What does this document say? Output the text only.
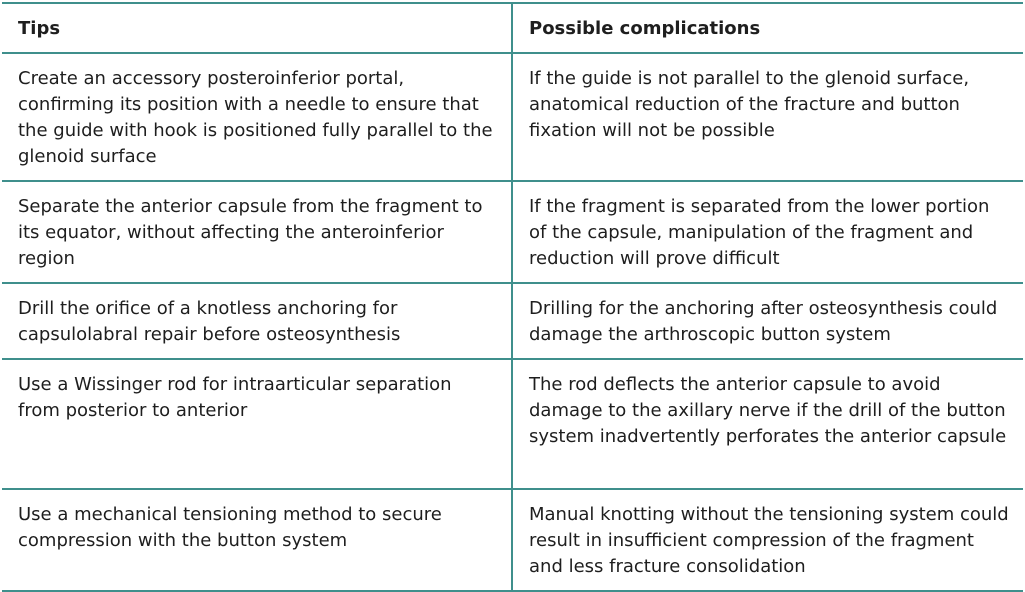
Tips	Possible complications
Create an accessory posteroinferior portal, confirming its position with a needle to ensure that the guide with hook is positioned fully parallel to the glenoid surface	If the guide is not parallel to the glenoid surface, anatomical reduction of the fracture and button fixation will not be possible
Separate the anterior capsule from the fragment to its equator, without affecting the anteroinferior region	If the fragment is separated from the lower portion of the capsule, manipulation of the fragment and reduction will prove difficult
Drill the orifice of a knotless anchoring for capsulolabral repair before osteosynthesis	Drilling for the anchoring after osteosynthesis could damage the arthroscopic button system
Use a Wissinger rod for intraarticular separation from posterior to anterior	The rod deflects the anterior capsule to avoid damage to the axillary nerve if the drill of the button system inadvertently perforates the anterior capsule
Use a mechanical tensioning method to secure compression with the button system	Manual knotting without the tensioning system could result in insufficient compression of the fragment and less fracture consolidation
